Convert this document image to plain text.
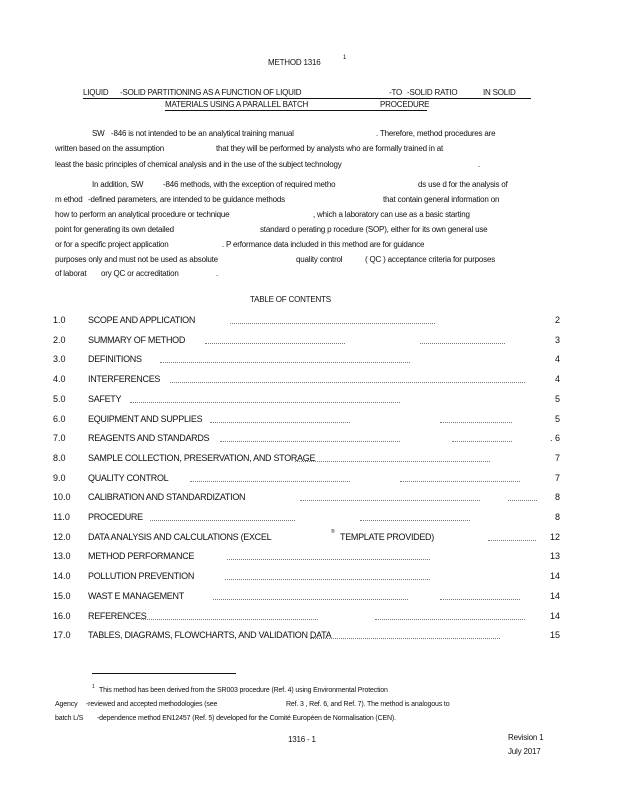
METHOD 1316	1
LIQUID -SOLID PARTITIONING AS A FUNCTION OF LIQUID	-TO -SOLID RATIO	IN SOLID
MATERIALS USING A PARALLEL BATCH	PROCEDURE
SW -846 is not intended to be an analytical training manual	. Therefore, method procedures are
written based on the assumption	that they will be performed by analysts who are formally trained in at
least the basic principles of chemical analysis and in the use of the subject technology	.
In addition, SW -846 methods, with the exception of required metho	ds use d for the analysis of
m ethod -defined parameters, are intended to be guidance methods	that contain general information on
how to perform an analytical procedure or technique	, which a laboratory can use as a basic starting
point for generating its own detailed	standard o perating p rocedure (SOP), either for its own general use
or for a specific project application	. P erformance data included in this method are for guidance
purposes only and must not be used as absolute	quality control	( QC ) acceptance criteria for purposes
of laborat ory QC or accreditation	.
TABLE OF CONTENTS
1.0 SCOPE AND APPLICATION	2
2.0 SUMMARY OF METHOD	3
3.0 DEFINITIONS	4
4.0 INTERFERENCES	4
5.0 SAFETY	5
6.0 EQUIPMENT AND SUPPLIES	5
7.0 REAGENTS AND STANDARDS	. 6
8.0 SAMPLE COLLECTION, PRESERVATION, AND STORAGE	7
9.0 QUALITY CONTROL	7
10.0 CALIBRATION AND STANDARDIZATION	8
11.0 PROCEDURE	8
12.0 DATA ANALYSIS AND CALCULATIONS (EXCEL	® TEMPLATE PROVIDED)	12
13.0 METHOD PERFORMANCE	13
14.0 POLLUTION PREVENTION	14
15.0 WAST E MANAGEMENT	14
16.0 REFERENCES	14
17.0 TABLES, DIAGRAMS, FLOWCHARTS, AND VALIDATION DATA	15
1 This method has been derived from the SR003 procedure (Ref. 4) using Environmental Protection
Agency -reviewed and accepted methodologies (see	Ref. 3 , Ref. 6, and Ref. 7). The method is analogous to
batch L/S -dependence method EN12457 (Ref. 5) developed for the Comité Européen de Normalisation (CEN).
1316 - 1	Revision 1
July 2017
